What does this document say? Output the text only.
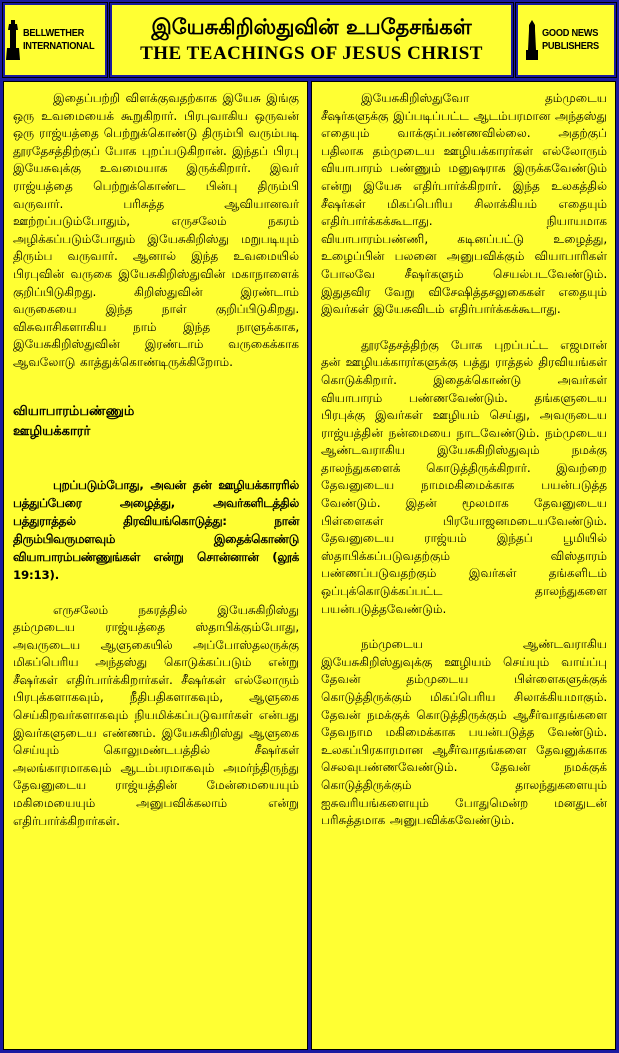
BELLWETHER
INTERNATIONAL
இயேசுகிறிஸ்துவின் உபதேசங்கள்
THE TEACHINGS OF JESUS CHRIST
GOOD NEWS
PUBLISHERS

இதைப்பற்றி விளக்குவதற்காக இயேசு இங்கு ஒரு உவமையைக் கூறுகிறார். பிரபுவாகிய ஒருவன் ஒரு ராஜ்யத்தை பெற்றுக்கொண்டு திரும்பி வரும்படி தூரதேசத்திற்குப் போக புறப்படுகிறான். இந்தப் பிரபு இயேசுவுக்கு உவமையாக இருக்கிறார். இவர் ராஜ்யத்தை பெற்றுக்கொண்ட பின்பு திரும்பி வருவார். பரிசுத்த ஆவியானவர் ஊற்றப்படும்போதும், எருசலேம் நகரம் அழிக்கப்படும்போதும் இயேசுகிறிஸ்து மறுபடியும் திரும்ப வருவார். ஆனால் இந்த உவமையில் பிரபுவின் வருகை இயேசுகிறிஸ்துவின் மகாநாளைக் குறிப்பிடுகிறது. கிறிஸ்துவின் இரண்டாம் வருகையை இந்த நாள் குறிப்பிடுகிறது. விசுவாசிகளாகிய நாம் இந்த நாளுக்காக, இயேசுகிறிஸ்துவின் இரண்டாம் வருகைக்காக ஆவலோடு காத்துக்கொண்டிருக்கிறோம்.

வியாபாரம்பண்ணும்
ஊழியக்காரர்

புறப்படும்போது, அவன் தன் ஊழியக்காரரில் பத்துப்பேரை அழைத்து, அவர்களிடத்தில் பத்துராத்தல் திரவியங்கொடுத்து: நான் திரும்பிவருமளவும் இதைக்கொண்டு வியாபாரம்பண்ணுங்கள் என்று சொன்னான் (லூக் 19:13).

எருசலேம் நகரத்தில் இயேசுகிறிஸ்து தம்முடைய ராஜ்யத்தை ஸ்தாபிக்கும்போது, அவருடைய ஆளுகையில் அப்போஸ்தலருக்கு மிகப்பெரிய அந்தஸ்து கொடுக்கப்படும் என்று சீஷர்கள் எதிர்பார்க்கிறார்கள். சீஷர்கள் எல்லோரும் பிரபுக்களாகவும், நீதிபதிகளாகவும், ஆளுகை செய்கிறவர்களாகவும் நியமிக்கப்படுவார்கள் என்பது இவர்களுடைய எண்ணம். இயேசுகிறிஸ்து ஆளுகை செய்யும் கொலுமண்டபத்தில் சீஷர்கள் அலங்காரமாகவும் ஆடம்பரமாகவும் அமர்ந்திருந்து தேவனுடைய ராஜ்யத்தின் மேன்மையையும் மகிமையையும் அனுபவிக்கலாம் என்று எதிர்பார்க்கிறார்கள்.

இயேசுகிறிஸ்துவோ தம்முடைய சீஷர்களுக்கு இப்படிப்பட்ட ஆடம்பரமான அந்தஸ்து எதையும் வாக்குப்பண்ணவில்லை. அதற்குப் பதிலாக தம்முடைய ஊழியக்காரர்கள் எல்லோரும் வியாபாரம் பண்ணும் மனுஷராக இருக்கவேண்டும் என்று இயேசு எதிர்பார்க்கிறார். இந்த உலகத்தில் சீஷர்கள் மிகப்பெரிய சிலாக்கியம் எதையும் எதிர்பார்க்கக்கூடாது. நியாயமாக வியாபாரம்பண்ணி, கடினப்பட்டு உழைத்து, உழைப்பின் பலனை அனுபவிக்கும் வியாபாரிகள் போலவே சீஷர்களும் செயல்படவேண்டும். இதுதவிர வேறு விசேஷித்தசலுகைகள் எதையும் இவர்கள் இயேசுவிடம் எதிர்பார்க்கக்கூடாது.

தூரதேசத்திற்கு போக புறப்பட்ட எஜமான் தன் ஊழியக்காரர்களுக்கு பத்து ராத்தல் திரவியங்கள் கொடுக்கிறார். இதைக்கொண்டு அவர்கள் வியாபாரம் பண்ணவேண்டும். தங்களுடைய பிரபுக்கு இவர்கள் ஊழியம் செய்து, அவருடைய ராஜ்யத்தின் நன்மையை நாடவேண்டும். நம்முடைய ஆண்டவராகிய இயேசுகிறிஸ்துவும் நமக்கு தாலந்துகளைக் கொடுத்திருக்கிறார். இவற்றை தேவனுடைய நாமமகிமைக்காக பயன்படுத்த வேண்டும். இதன் மூலமாக தேவனுடைய பிள்ளைகள் பிரயோஜனமடையவேண்டும். தேவனுடைய ராஜ்யம் இந்தப் பூமியில் ஸ்தாபிக்கப்படுவதற்கும் விஸ்தாரம் பண்ணப்படுவதற்கும் இவர்கள் தங்களிடம் ஒப்புக்கொடுக்கப்பட்ட தாலந்துகளை பயன்படுத்தவேண்டும்.

நம்முடைய ஆண்டவராகிய இயேசுகிறிஸ்துவுக்கு ஊழியம் செய்யும் வாய்ப்பு தேவன் தம்முடைய பிள்ளைகளுக்குக் கொடுத்திருக்கும் மிகப்பெரிய சிலாக்கியமாகும். தேவன் நமக்குக் கொடுத்திருக்கும் ஆசீர்வாதங்களை தேவநாம மகிமைக்காக பயன்படுத்த வேண்டும். உலகப்பிரகாரமான ஆசீர்வாதங்களை தேவனுக்காக செலவுபண்ணவேண்டும். தேவன் நமக்குக் கொடுத்திருக்கும் தாலந்துகளையும் ஐசுவரியங்களையும் போதுமென்ற மனதுடன் பரிசுத்தமாக அனுபவிக்கவேண்டும்.
